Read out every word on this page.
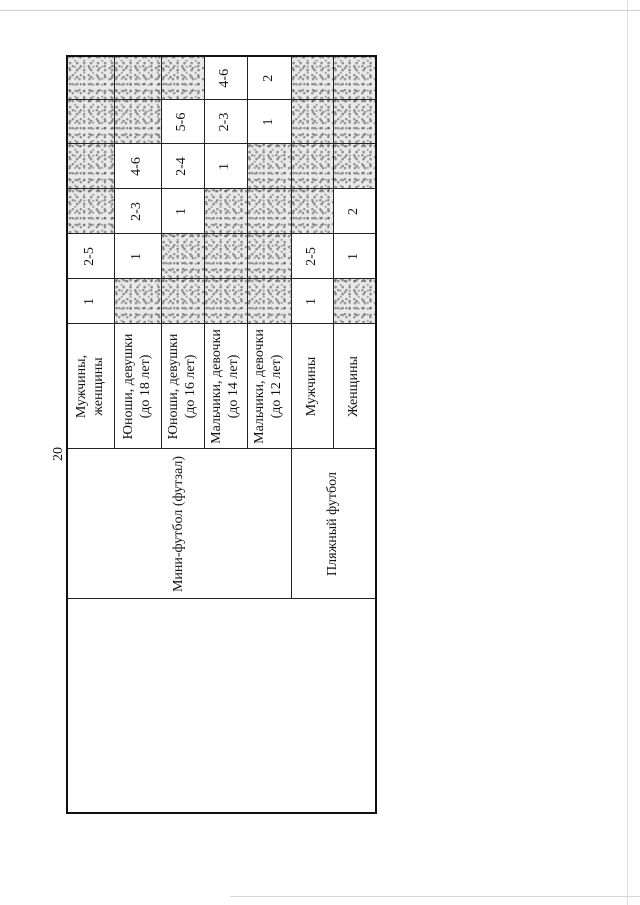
20
	Мини-футбол (футзал)	Мужчины, женщины	1	2-5				
		Юноши, девушки (до 18 лет)		1	2-3	4-6		
		Юноши, девушки (до 16 лет)			1	2-4	5-6	
		Мальчики, девочки (до 14 лет)				1	2-3	4-6
		Мальчики, девочки (до 12 лет)					1	2
	Пляжный футбол	Мужчины	1	2-5				
		Женщины		1	2			
